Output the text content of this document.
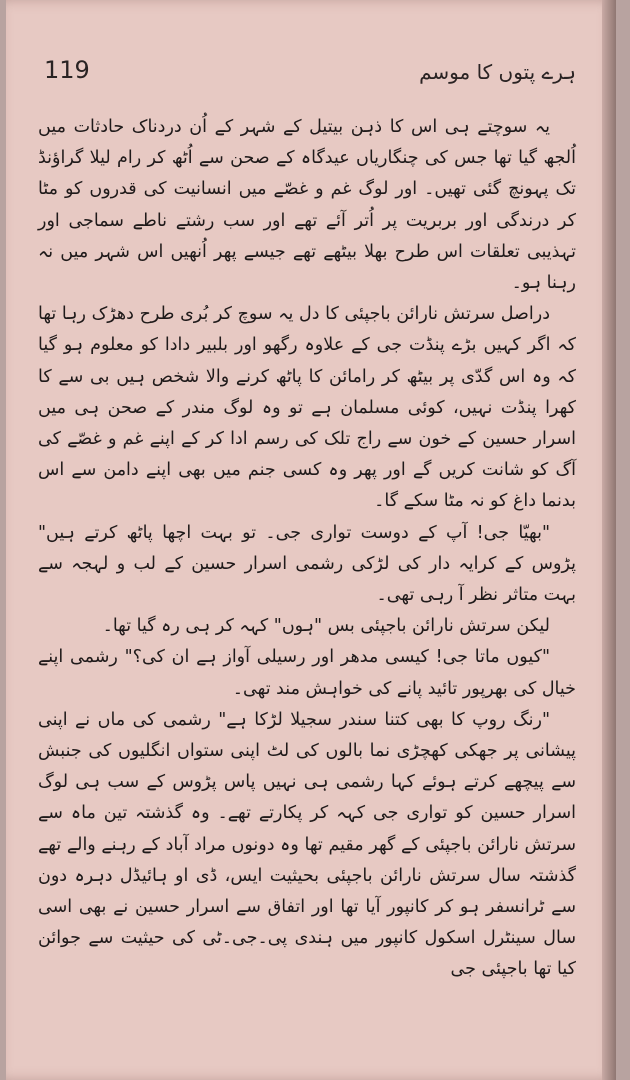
119	ہرے پتوں کا موسم

یہ سوچتے ہی اس کا ذہن بیتیل کے شہر کے اُن دردناک حادثات میں اُلجھ گیا تھا جس کی چنگاریاں عیدگاہ کے صحن سے اُٹھ کر رام لیلا گراؤنڈ تک پہونچ گئی تھیں۔ اور لوگ غم و غصّے میں انسانیت کی قدروں کو مٹا کر درندگی اور بربریت پر اُتر آئے تھے اور سب رشتے ناطے سماجی اور تہذیبی تعلقات اس طرح بھلا بیٹھے تھے جیسے پھر اُنھیں اس شہر میں نہ رہنا ہو۔

دراصل سرتش نارائن باجپئی کا دل یہ سوچ کر بُری طرح دھڑک رہا تھا کہ اگر کہیں بڑے پنڈت جی کے علاوہ رگھو اور بلبیر دادا کو معلوم ہو گیا کہ وہ اس گدّی پر بیٹھ کر رامائن کا پاٹھ کرنے والا شخص ہیں بی سے کا کھرا پنڈت نہیں، کوئی مسلمان ہے تو وہ لوگ مندر کے صحن ہی میں اسرار حسین کے خون سے راج تلک کی رسم ادا کر کے اپنے غم و غصّے کی آگ کو شانت کریں گے اور پھر وہ کسی جنم میں بھی اپنے دامن سے اس بدنما داغ کو نہ مٹا سکے گا۔

"بھیّا جی! آپ کے دوست تواری جی۔ تو بہت اچھا پاٹھ کرتے ہیں" پڑوس کے کرایہ دار کی لڑکی رشمی اسرار حسین کے لب و لہجہ سے بہت متاثر نظر آ رہی تھی۔

لیکن سرتش نارائن باجپئی بس "ہوں" کہہ کر ہی رہ گیا تھا۔

"کیوں ماتا جی! کیسی مدھر اور رسیلی آواز ہے ان کی؟" رشمی اپنے خیال کی بھرپور تائید پانے کی خواہش مند تھی۔

"رنگ روپ کا بھی کتنا سندر سجیلا لڑکا ہے" رشمی کی ماں نے اپنی پیشانی پر جھکی کھچڑی نما بالوں کی لٹ اپنی ستواں انگلیوں کی جنبش سے پیچھے کرتے ہوئے کہا رشمی ہی نہیں پاس پڑوس کے سب ہی لوگ اسرار حسین کو تواری جی کہہ کر پکارتے تھے۔ وہ گذشتہ تین ماہ سے سرتش نارائن باجپئی کے گھر مقیم تھا وہ دونوں مراد آباد کے رہنے والے تھے گذشتہ سال سرتش نارائن باجپئی بحیثیت ایس، ڈی او ہائیڈل دہرہ دون سے ٹرانسفر ہو کر کانپور آیا تھا اور اتفاق سے اسرار حسین نے بھی اسی سال سینٹرل اسکول کانپور میں ہندی پی۔جی۔ٹی کی حیثیت سے جوائن کیا تھا باجپئی جی
